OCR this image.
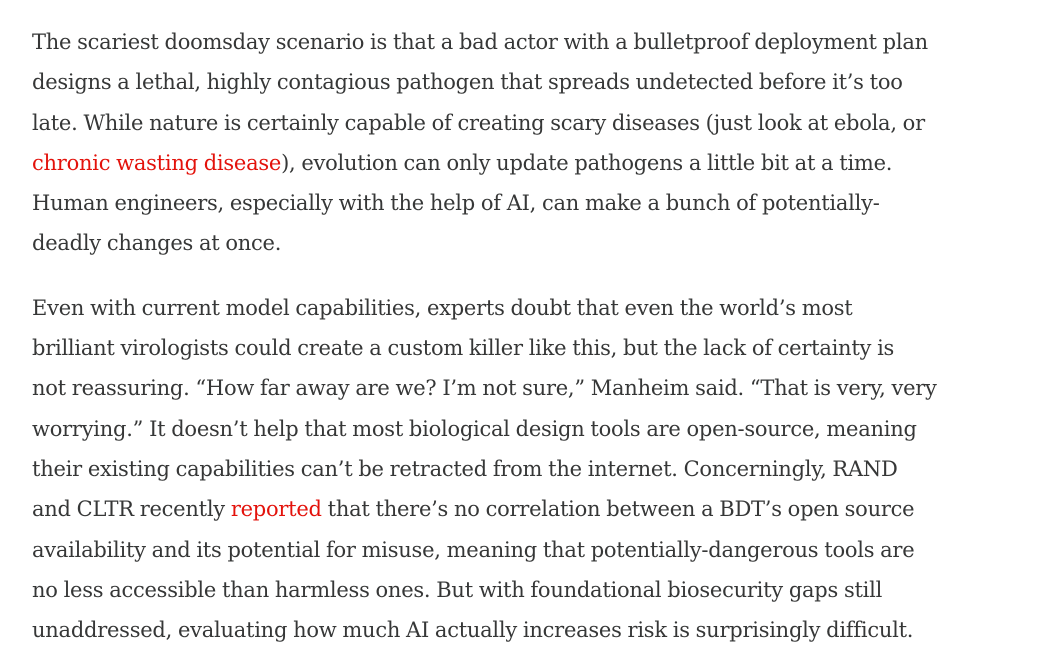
The scariest doomsday scenario is that a bad actor with a bulletproof deployment plan
designs a lethal, highly contagious pathogen that spreads undetected before it’s too
late. While nature is certainly capable of creating scary diseases (just look at ebola, or
chronic wasting disease), evolution can only update pathogens a little bit at a time.
Human engineers, especially with the help of AI, can make a bunch of potentially-
deadly changes at once.

Even with current model capabilities, experts doubt that even the world’s most
brilliant virologists could create a custom killer like this, but the lack of certainty is
not reassuring. “How far away are we? I’m not sure,” Manheim said. “That is very, very
worrying.” It doesn’t help that most biological design tools are open-source, meaning
their existing capabilities can’t be retracted from the internet. Concerningly, RAND
and CLTR recently reported that there’s no correlation between a BDT’s open source
availability and its potential for misuse, meaning that potentially-dangerous tools are
no less accessible than harmless ones. But with foundational biosecurity gaps still
unaddressed, evaluating how much AI actually increases risk is surprisingly difficult.
